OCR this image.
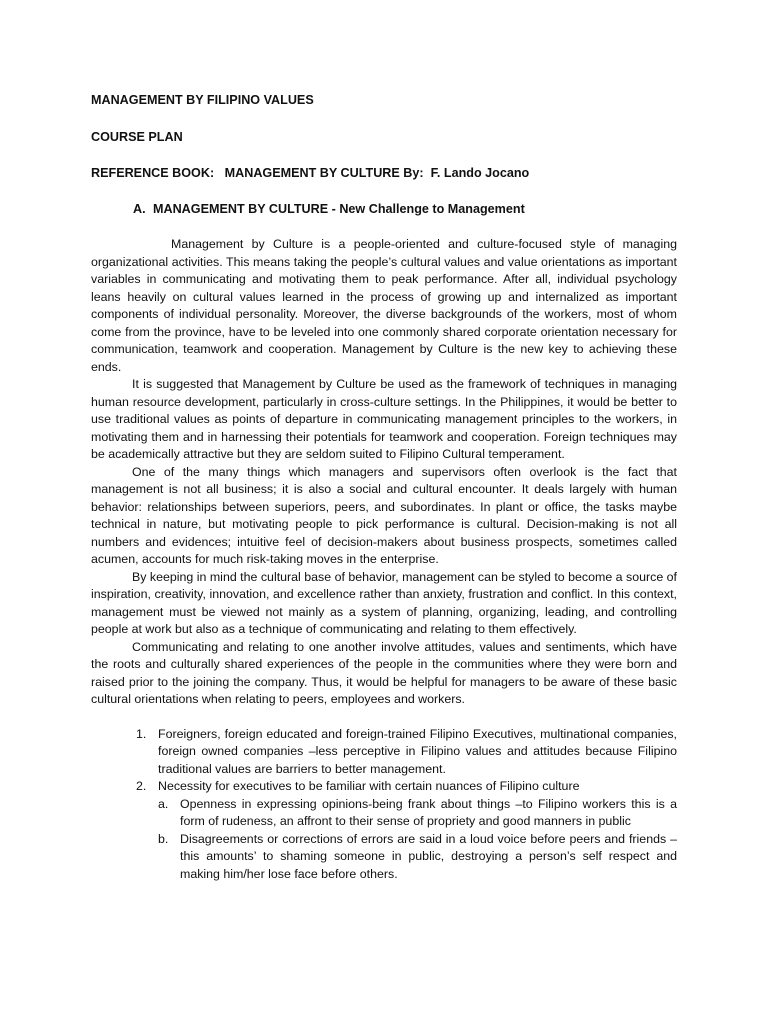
MANAGEMENT BY FILIPINO VALUES

COURSE PLAN

REFERENCE BOOK:   MANAGEMENT BY CULTURE By:  F. Lando Jocano

A. MANAGEMENT BY CULTURE - New Challenge to Management

Management by Culture is a people-oriented and culture-focused style of managing organizational activities. This means taking the people’s cultural values and value orientations as important variables in communicating and motivating them to peak performance. After all, individual psychology leans heavily on cultural values learned in the process of growing up and internalized as important components of individual personality. Moreover, the diverse backgrounds of the workers, most of whom come from the province, have to be leveled into one commonly shared corporate orientation necessary for communication, teamwork and cooperation. Management by Culture is the new key to achieving these ends.

It is suggested that Management by Culture be used as the framework of techniques in managing human resource development, particularly in cross-culture settings. In the Philippines, it would be better to use traditional values as points of departure in communicating management principles to the workers, in motivating them and in harnessing their potentials for teamwork and cooperation. Foreign techniques may be academically attractive but they are seldom suited to Filipino Cultural temperament.

One of the many things which managers and supervisors often overlook is the fact that management is not all business; it is also a social and cultural encounter. It deals largely with human behavior: relationships between superiors, peers, and subordinates. In plant or office, the tasks maybe technical in nature, but motivating people to pick performance is cultural. Decision-making is not all numbers and evidences; intuitive feel of decision-makers about business prospects, sometimes called acumen, accounts for much risk-taking moves in the enterprise.

By keeping in mind the cultural base of behavior, management can be styled to become a source of inspiration, creativity, innovation, and excellence rather than anxiety, frustration and conflict. In this context, management must be viewed not mainly as a system of planning, organizing, leading, and controlling people at work but also as a technique of communicating and relating to them effectively.

Communicating and relating to one another involve attitudes, values and sentiments, which have the roots and culturally shared experiences of the people in the communities where they were born and raised prior to the joining the company. Thus, it would be helpful for managers to be aware of these basic cultural orientations when relating to peers, employees and workers.

1. Foreigners, foreign educated and foreign-trained Filipino Executives, multinational companies, foreign owned companies –less perceptive in Filipino values and attitudes because Filipino traditional values are barriers to better management.
2. Necessity for executives to be familiar with certain nuances of Filipino culture
a. Openness in expressing opinions-being frank about things –to Filipino workers this is a form of rudeness, an affront to their sense of propriety and good manners in public
b. Disagreements or corrections of errors are said in a loud voice before peers and friends – this amounts’ to shaming someone in public, destroying a person’s self respect and making him/her lose face before others.
